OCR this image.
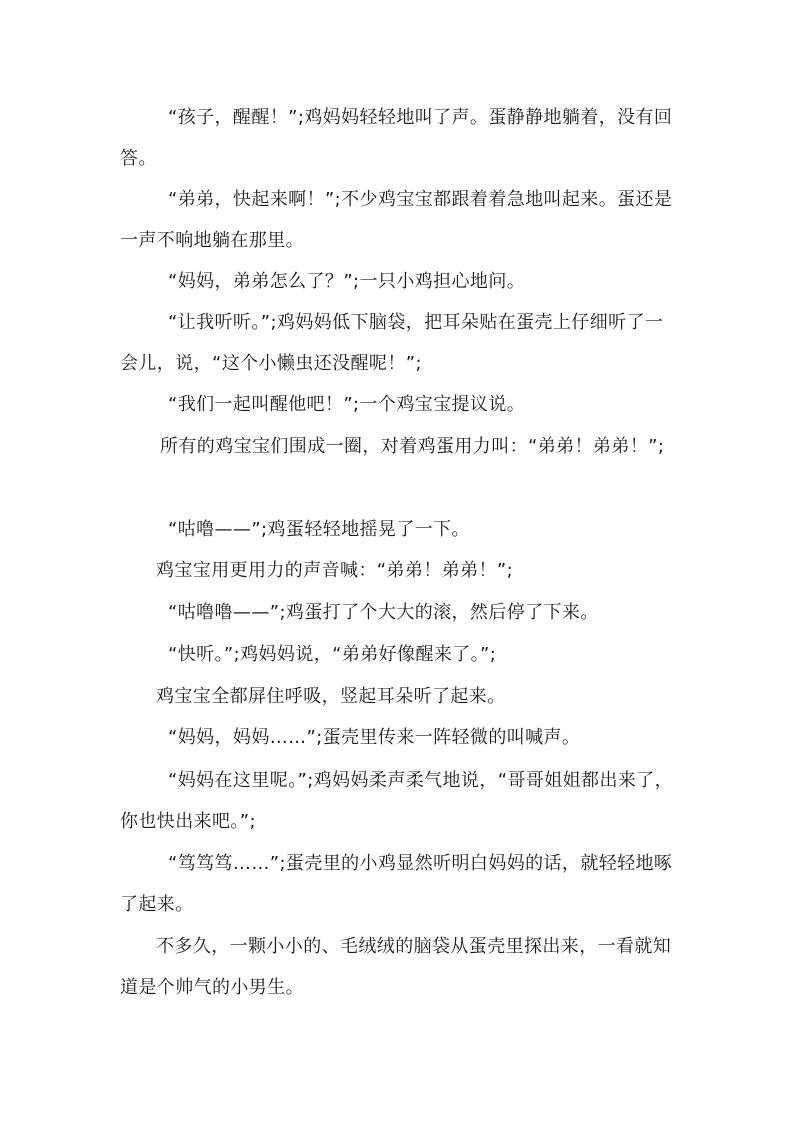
“孩子，醒醒！”;鸡妈妈轻轻地叫了声。蛋静静地躺着，没有回答。

“弟弟，快起来啊！”;不少鸡宝宝都跟着着急地叫起来。蛋还是一声不响地躺在那里。

“妈妈，弟弟怎么了？”;一只小鸡担心地问。

“让我听听。”;鸡妈妈低下脑袋，把耳朵贴在蛋壳上仔细听了一会儿，说，“这个小懒虫还没醒呢！”;

“我们一起叫醒他吧！”;一个鸡宝宝提议说。

所有的鸡宝宝们围成一圈，对着鸡蛋用力叫：“弟弟！弟弟！”;

“咕噜——”;鸡蛋轻轻地摇晃了一下。

鸡宝宝用更用力的声音喊：“弟弟！弟弟！”;

“咕噜噜——”;鸡蛋打了个大大的滚，然后停了下来。

“快听。”;鸡妈妈说，“弟弟好像醒来了。”;

鸡宝宝全都屏住呼吸，竖起耳朵听了起来。

“妈妈，妈妈……”;蛋壳里传来一阵轻微的叫喊声。

“妈妈在这里呢。”;鸡妈妈柔声柔气地说，“哥哥姐姐都出来了，你也快出来吧。”;

“笃笃笃……”;蛋壳里的小鸡显然听明白妈妈的话，就轻轻地啄了起来。

不多久，一颗小小的、毛绒绒的脑袋从蛋壳里探出来，一看就知道是个帅气的小男生。
